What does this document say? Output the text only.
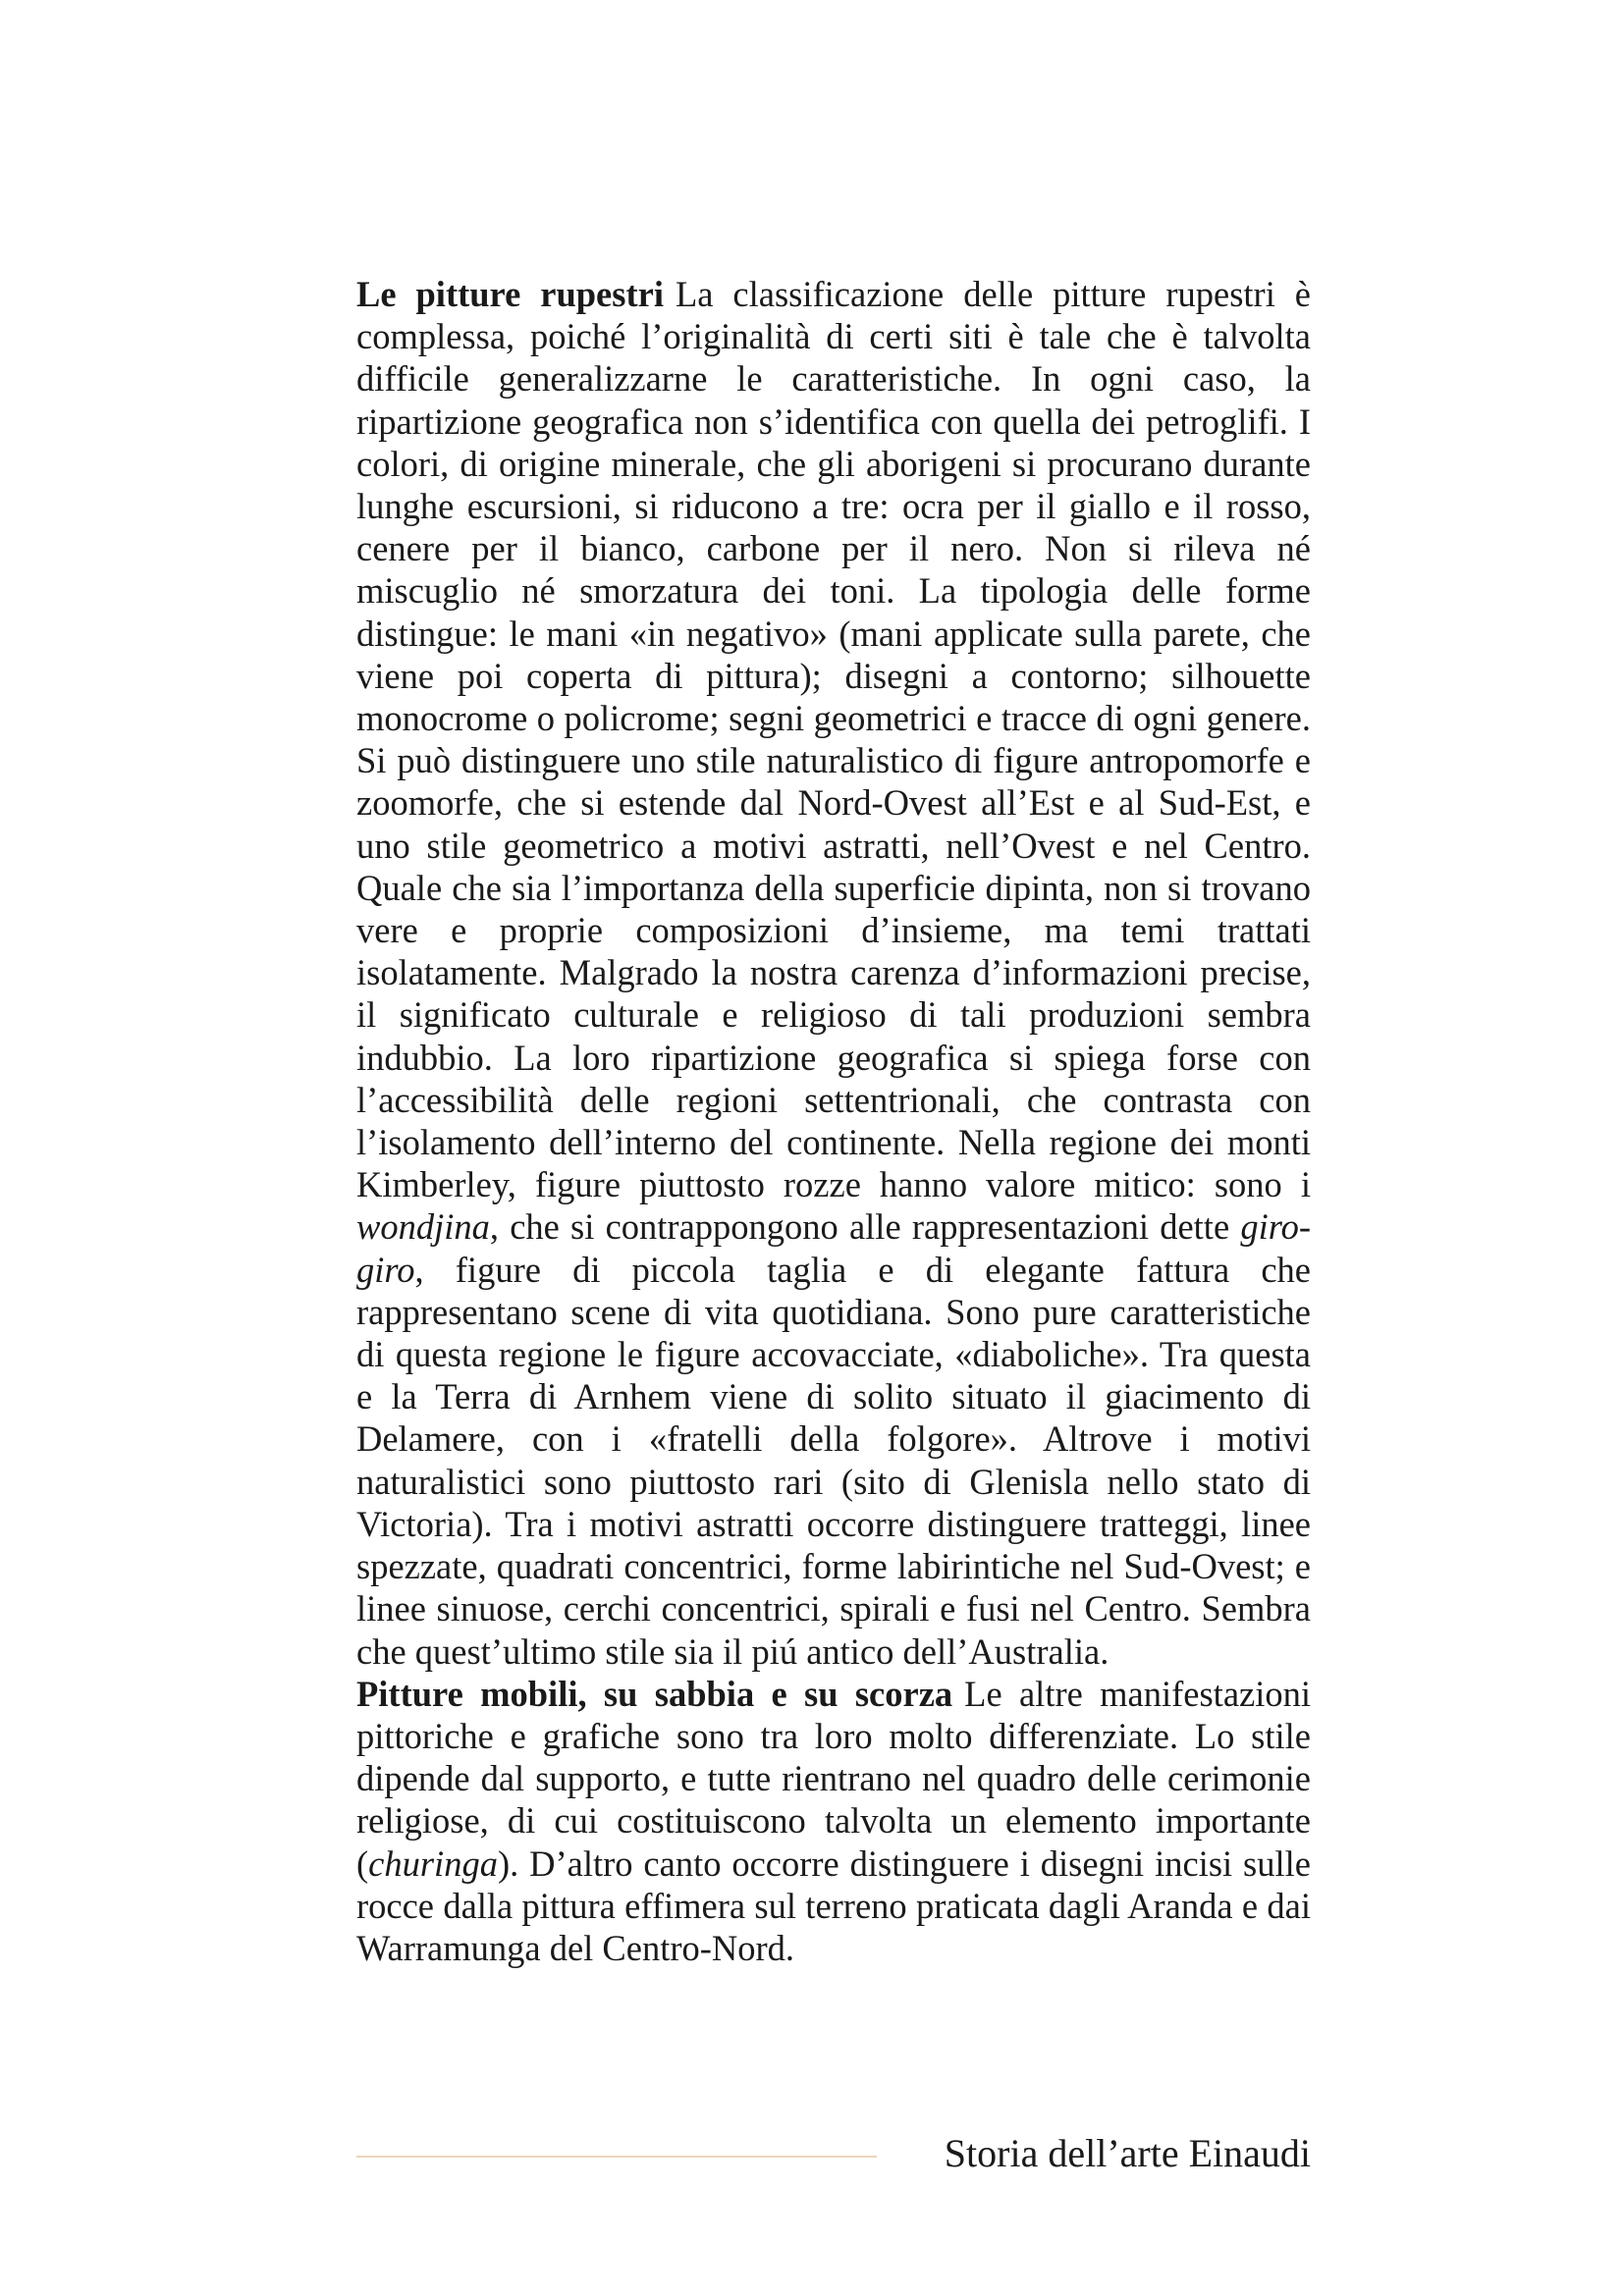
Le pitture rupestri La classificazione delle pitture rupestri è complessa, poiché l’originalità di certi siti è tale che è talvolta difficile generalizzarne le caratteristiche. In ogni caso, la ripartizione geografica non s’identifica con quella dei petroglifi. I colori, di origine minerale, che gli aborigeni si procurano durante lunghe escursioni, si riducono a tre: ocra per il giallo e il rosso, cenere per il bianco, carbone per il nero. Non si rileva né miscuglio né smorzatura dei toni. La tipologia delle forme distingue: le mani «in negativo» (mani applicate sulla parete, che viene poi coperta di pittura); disegni a contorno; silhouette monocrome o policrome; segni geometrici e tracce di ogni genere. Si può distinguere uno stile naturalistico di figure antropomorfe e zoomorfe, che si estende dal Nord-Ovest all’Est e al Sud-Est, e uno stile geometrico a motivi astratti, nell’Ovest e nel Centro. Quale che sia l’importanza della superficie dipinta, non si trovano vere e proprie composizioni d’insieme, ma temi trattati isolatamente. Malgrado la nostra carenza d’informazioni precise, il significato culturale e religioso di tali produzioni sembra indubbio. La loro ripartizione geografica si spiega forse con l’accessibilità delle regioni settentrionali, che contrasta con l’isolamento dell’interno del continente. Nella regione dei monti Kimberley, figure piuttosto rozze hanno valore mitico: sono i wondjina, che si contrappongono alle rappresentazioni dette giro-giro, figure di piccola taglia e di elegante fattura che rappresentano scene di vita quotidiana. Sono pure caratteristiche di questa regione le figure accovacciate, «diaboliche». Tra questa e la Terra di Arnhem viene di solito situato il giacimento di Delamere, con i «fratelli della folgore». Altrove i motivi naturalistici sono piuttosto rari (sito di Glenisla nello stato di Victoria). Tra i motivi astratti occorre distinguere tratteggi, linee spezzate, quadrati concentrici, forme labirintiche nel Sud-Ovest; e linee sinuose, cerchi concentrici, spirali e fusi nel Centro. Sembra che quest’ultimo stile sia il piú antico dell’Australia.

Pitture mobili, su sabbia e su scorza Le altre manifestazioni pittoriche e grafiche sono tra loro molto differenziate. Lo stile dipende dal supporto, e tutte rientrano nel quadro delle cerimonie religiose, di cui costituiscono talvolta un elemento importante (churinga). D’altro canto occorre distinguere i disegni incisi sulle rocce dalla pittura effimera sul terreno praticata dagli Aranda e dai Warramunga del Centro-Nord.

Storia dell’arte Einaudi
